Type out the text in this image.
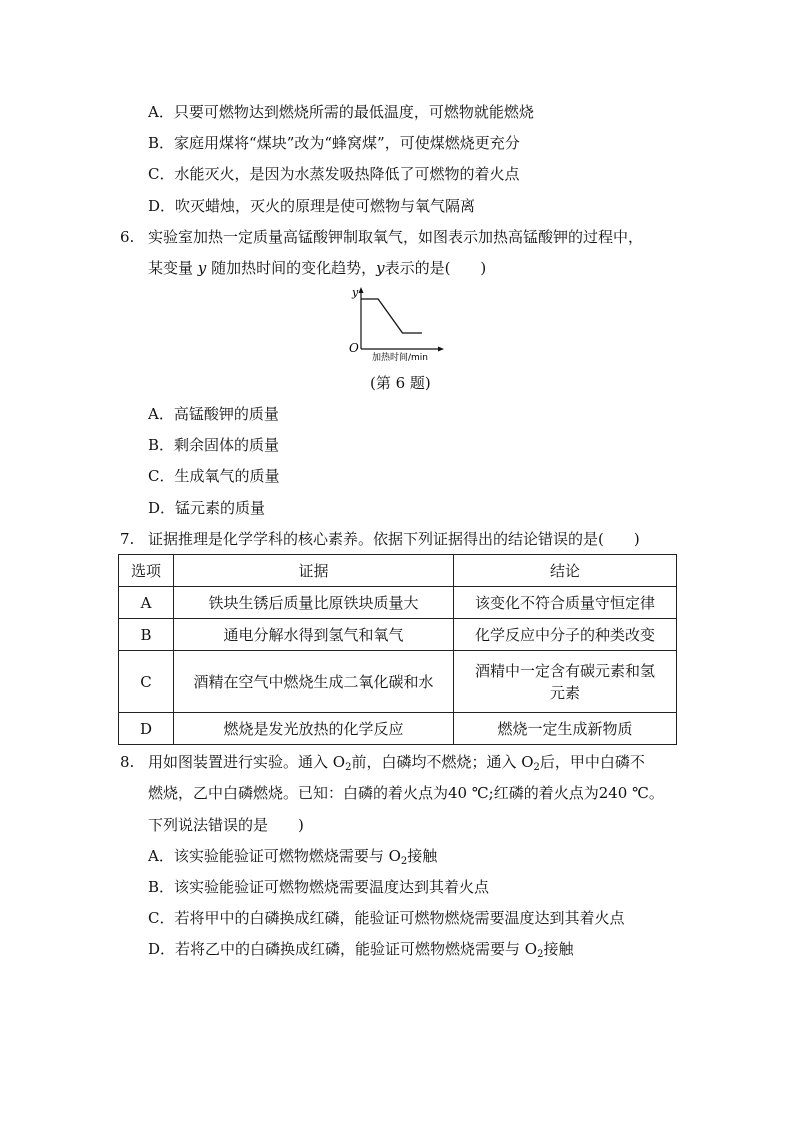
A．只要可燃物达到燃烧所需的最低温度，可燃物就能燃烧
B．家庭用煤将“煤块”改为“蜂窝煤”，可使煤燃烧更充分
C．水能灭火，是因为水蒸发吸热降低了可燃物的着火点
D．吹灭蜡烛，灭火的原理是使可燃物与氧气隔离
6. 实验室加热一定质量高锰酸钾制取氧气，如图表示加热高锰酸钾的过程中，
某变量 y 随加热时间的变化趋势，y表示的是(　　)
y
O
加热时间/min
(第 6 题)
A．高锰酸钾的质量
B．剩余固体的质量
C．生成氧气的质量
D．锰元素的质量
7. 证据推理是化学学科的核心素养。依据下列证据得出的结论错误的是(　　)
选项	证据	结论
A	铁块生锈后质量比原铁块质量大	该变化不符合质量守恒定律
B	通电分解水得到氢气和氧气	化学反应中分子的种类改变
C	酒精在空气中燃烧生成二氧化碳和水	酒精中一定含有碳元素和氢
元素

D	燃烧是发光放热的化学反应	燃烧一定生成新物质
8. 用如图装置进行实验。通入 $O_2$前，白磷均不燃烧；通入 $O_2$后，甲中白磷不
燃烧，乙中白磷燃烧。已知：白磷的着火点为40 ℃;红磷的着火点为240 ℃。
下列说法错误的是　　)
A．该实验能验证可燃物燃烧需要与 $O_2$接触
B．该实验能验证可燃物燃烧需要温度达到其着火点
C．若将甲中的白磷换成红磷，能验证可燃物燃烧需要温度达到其着火点
D．若将乙中的白磷换成红磷，能验证可燃物燃烧需要与 $O_2$接触
